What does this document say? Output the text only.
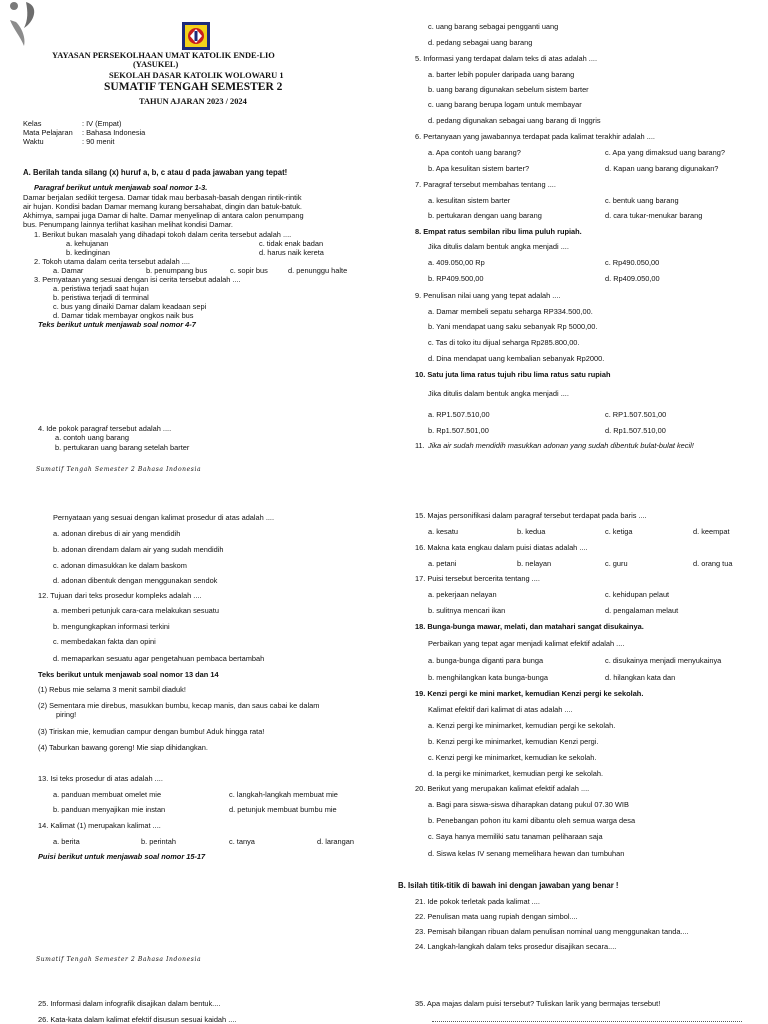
YAYASAN PERSEKOLHAAN UMAT KATOLIK ENDE-LIO
(YASUKEL)
SEKOLAH DASAR KATOLIK WOLOWARU 1
SUMATIF TENGAH SEMESTER 2
TAHUN AJARAN 2023 / 2024
Kelas	: IV (Empat)
Mata Pelajaran : Bahasa Indonesia
Waktu	: 90 menit
A. Berilah tanda silang (x) huruf a, b, c atau d pada jawaban yang tepat!
Paragraf berikut untuk menjawab soal nomor 1-3.
Damar berjalan sedikit tergesa. Damar tidak mau berbasah-basah dengan rintik-rintik
air hujan. Kondisi badan Damar memang kurang bersahabat, dingin dan batuk-batuk.
Akhirnya, sampai juga Damar di halte. Damar menyelinap di antara calon penumpang
bus. Penumpang lainnya terlihat kasihan melihat kondisi Damar.
1. Berikut bukan masalah yang dihadapi tokoh dalam cerita tersebut adalah ....
a. kehujanan	c. tidak enak badan
b. kedinginan	d. harus naik kereta
2. Tokoh utama dalam cerita tersebut adalah ....
a. Damar	b. penumpang bus	c. sopir bus	d. penunggu halte
3. Pernyataan yang sesuai dengan isi cerita tersebut adalah ....
a. peristiwa terjadi saat hujan
b. peristiwa terjadi di terminal
c. bus yang dinaiki Damar dalam keadaan sepi
d. Damar tidak membayar ongkos naik bus
Teks berikut untuk menjawab soal nomor 4-7
4. Ide pokok paragraf tersebut adalah ....
a. contoh uang barang
b. pertukaran uang barang setelah barter
Sumatif Tengah Semester 2 Bahasa Indonesia
c. uang barang sebagai pengganti uang
d. pedang sebagai uang barang
5. Informasi yang terdapat dalam teks di atas adalah ....
a. barter lebih populer daripada uang barang
b. uang barang digunakan sebelum sistem barter
c. uang barang berupa logam untuk membayar
d. pedang digunakan sebagai uang barang di Inggris
6. Pertanyaan yang jawabannya terdapat pada kalimat terakhir adalah ....
a. Apa contoh uang barang?	c. Apa yang dimaksud uang barang?
b. Apa kesulitan sistem barter?	d. Kapan uang barang digunakan?
7. Paragraf tersebut membahas tentang ....
a. kesulitan sistem barter	c. bentuk uang barang
b. pertukaran dengan uang barang	d. cara tukar-menukar barang
8. Empat ratus sembilan ribu lima puluh rupiah.
Jika ditulis dalam bentuk angka menjadi ....
a. 409.050,00 Rp	c. Rp490.050,00
b. RP409.500,00	d. Rp409.050,00
9. Penulisan nilai uang yang tepat adalah ....
a. Damar membeli sepatu seharga RP334.500,00.
b. Yani mendapat uang saku sebanyak Rp 5000,00.
c. Tas di toko itu dijual seharga Rp285.800,00.
d. Dina mendapat uang kembalian sebanyak Rp2000.
10. Satu juta lima ratus tujuh ribu lima ratus satu rupiah
Jika ditulis dalam bentuk angka menjadi ....
a. RP1.507.510,00	c. RP1.507.501,00
b. Rp1.507.501,00	d. Rp1.507.510,00
11. Jika air sudah mendidih masukkan adonan yang sudah dibentuk bulat-bulat kecil!
Pernyataan yang sesuai dengan kalimat prosedur di atas adalah ....
a. adonan direbus di air yang mendidih
b. adonan direndam dalam air yang sudah mendidih
c. adonan dimasukkan ke dalam baskom
d. adonan dibentuk dengan menggunakan sendok
12. Tujuan dari teks prosedur kompleks adalah ....
a. memberi petunjuk cara-cara melakukan sesuatu
b. mengungkapkan informasi terkini
c. membedakan fakta dan opini
d. memaparkan sesuatu agar pengetahuan pembaca bertambah
Teks berikut untuk menjawab soal nomor 13 dan 14
(1) Rebus mie selama 3 menit sambil diaduk!
(2) Sementara mie direbus, masukkan bumbu, kecap manis, dan saus cabai ke dalam
piring!
(3) Tiriskan mie, kemudian campur dengan bumbu! Aduk hingga rata!
(4) Taburkan bawang goreng! Mie siap dihidangkan.
13. Isi teks prosedur di atas adalah ....
a. panduan membuat omelet mie	c. langkah-langkah membuat mie
b. panduan menyajikan mie instan	d. petunjuk membuat bumbu mie
14. Kalimat (1) merupakan kalimat ....
a. berita	b. perintah	c. tanya	d. larangan
Puisi berikut untuk menjawab soal nomor 15-17
Sumatif Tengah Semester 2 Bahasa Indonesia
15. Majas personifikasi dalam paragraf tersebut terdapat pada baris ....
a. kesatu	b. kedua	c. ketiga	d. keempat
16. Makna kata engkau dalam puisi diatas adalah ....
a. petani	b. nelayan	c. guru	d. orang tua
17. Puisi tersebut bercerita tentang ....
a. pekerjaan nelayan	c. kehidupan pelaut
b. sulitnya mencari ikan	d. pengalaman melaut
18. Bunga-bunga mawar, melati, dan matahari sangat disukainya.
Perbaikan yang tepat agar menjadi kalimat efektif adalah ....
a. bunga-bunga diganti para bunga	c. disukainya menjadi menyukainya
b. menghilangkan kata bunga-bunga	d. hilangkan kata dan
19. Kenzi pergi ke mini market, kemudian Kenzi pergi ke sekolah.
Kalimat efektif dari kalimat di atas adalah ....
a. Kenzi pergi ke minimarket, kemudian pergi ke sekolah.
b. Kenzi pergi ke minimarket, kemudian Kenzi pergi.
c. Kenzi pergi ke minimarket, kemudian ke sekolah.
d. Ia pergi ke minimarket, kemudian pergi ke sekolah.
20. Berikut yang merupakan kalimat efektif adalah ....
a. Bagi para siswa-siswa diharapkan datang pukul 07.30 WIB
b. Penebangan pohon itu kami dibantu oleh semua warga desa
c. Saya hanya memiliki satu tanaman peliharaan saja
d. Siswa kelas IV senang memelihara hewan dan tumbuhan
B. Isilah titik-titik di bawah ini dengan jawaban yang benar !
21. Ide pokok terletak pada kalimat ....
22. Penulisan mata uang rupiah dengan simbol....
23. Pemisah bilangan ribuan dalam penulisan nominal uang menggunakan tanda....
24. Langkah-langkah dalam teks prosedur disajikan secara....
25. Informasi dalam infografik disajikan dalam bentuk....
26. Kata-kata dalam kalimat efektif disusun sesuai kaidah ....
35. Apa majas dalam puisi tersebut? Tuliskan larik yang bermajas tersebut!
